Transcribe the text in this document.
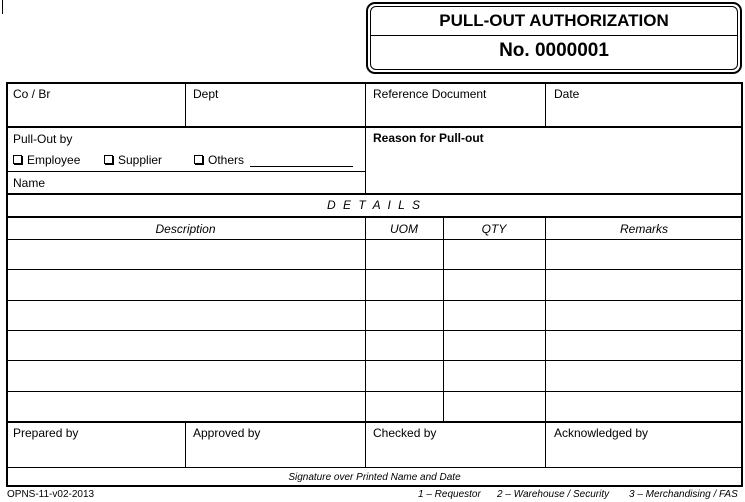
PULL-OUT AUTHORIZATION
No. 0000001
Co / Br	Dept	Reference Document	Date
Pull-Out by
Employee	Supplier	Others
Name
Reason for Pull-out
D E T A I L S
Description	UOM	QTY	Remarks
Prepared by	Approved by	Checked by	Acknowledged by
Signature over Printed Name and Date
OPNS-11-v02-2013	1 – Requestor 2 – Warehouse / Security 3 – Merchandising / FAS
